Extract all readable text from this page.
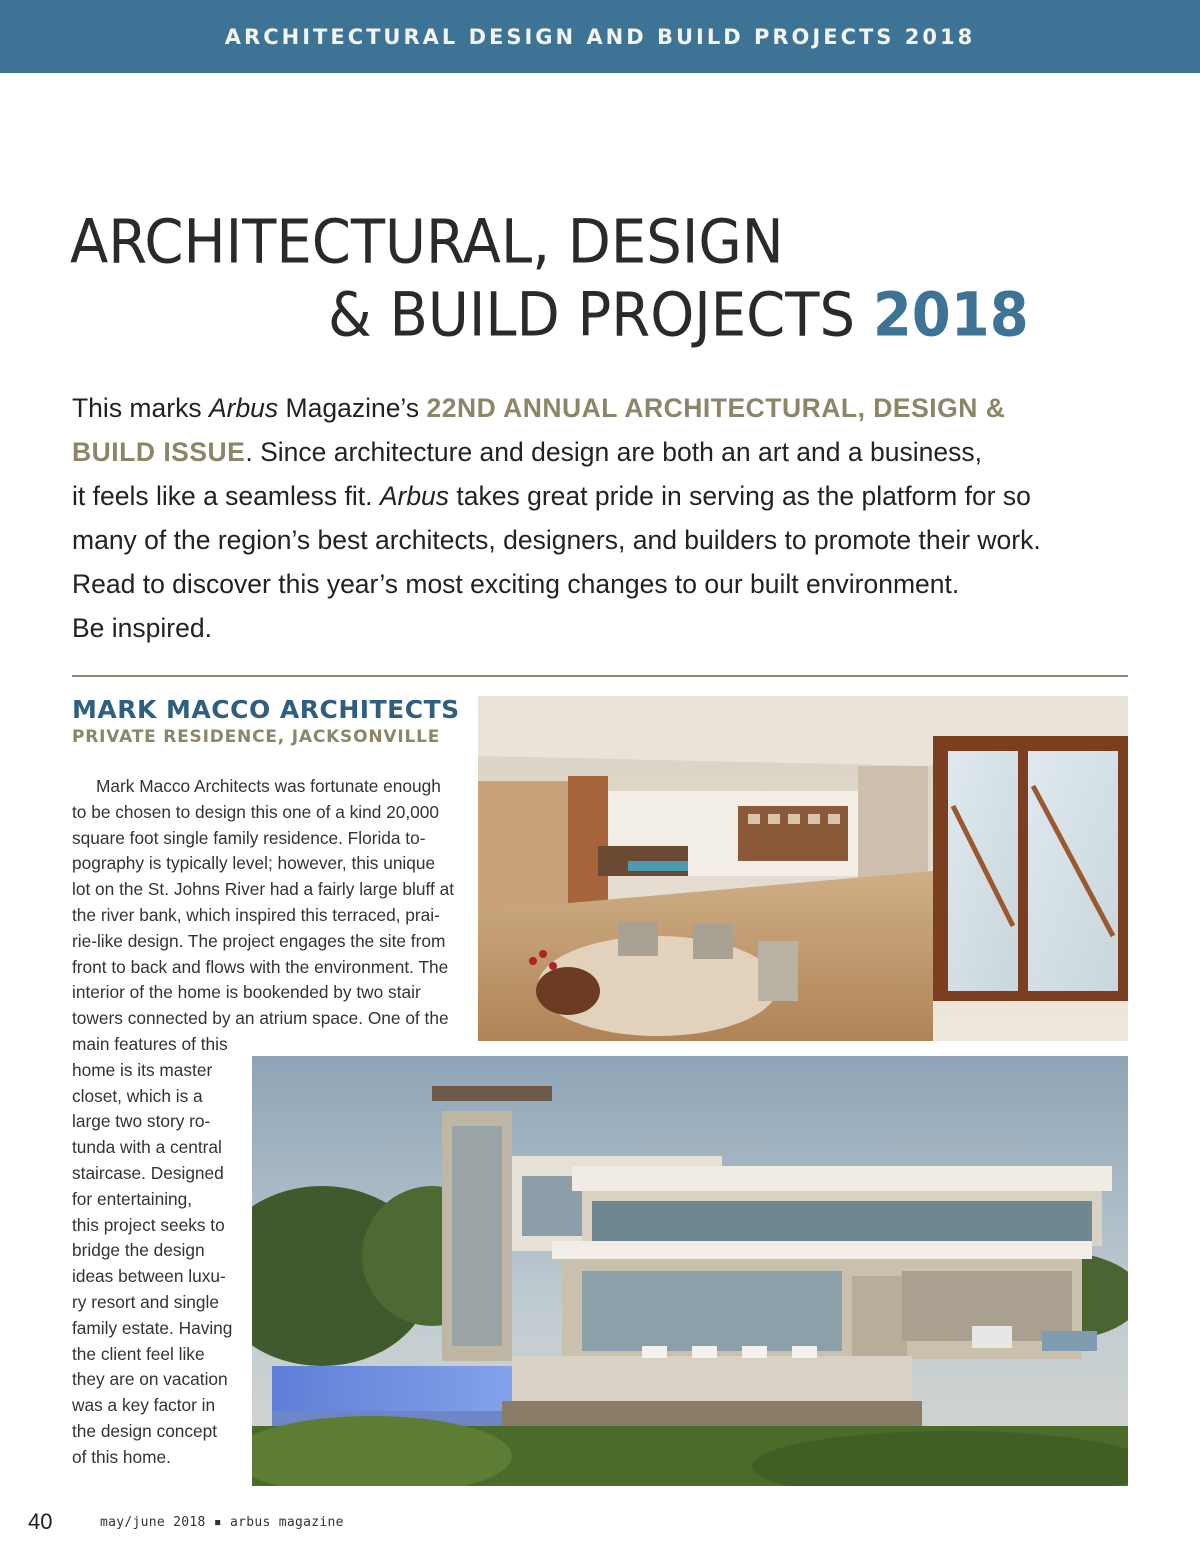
ARCHITECTURAL DESIGN AND BUILD PROJECTS 2018
ARCHITECTURAL, DESIGN
& BUILD PROJECTS 2018
This marks Arbus Magazine’s 22ND ANNUAL ARCHITECTURAL, DESIGN &
BUILD ISSUE. Since architecture and design are both an art and a business,
it feels like a seamless fit. Arbus takes great pride in serving as the platform for so
many of the region’s best architects, designers, and builders to promote their work.
Read to discover this year’s most exciting changes to our built environment.
Be inspired.
MARK MACCO ARCHITECTS
PRIVATE RESIDENCE, JACKSONVILLE

Mark Macco Architects was fortunate enough
to be chosen to design this one of a kind 20,000
square foot single family residence. Florida to-
pography is typically level; however, this unique
lot on the St. Johns River had a fairly large bluff at
the river bank, which inspired this terraced, prai-
rie-like design. The project engages the site from
front to back and flows with the environment. The
interior of the home is bookended by two stair
towers connected by an atrium space. One of the

main features of this
home is its master
closet, which is a
large two story ro-
tunda with a central
staircase. Designed
for entertaining,
this project seeks to
bridge the design
ideas between luxu-
ry resort and single
family estate. Having
the client feel like
they are on vacation
was a key factor in
the design concept
of this home.

40	may/june 2018 ▪ arbus magazine
